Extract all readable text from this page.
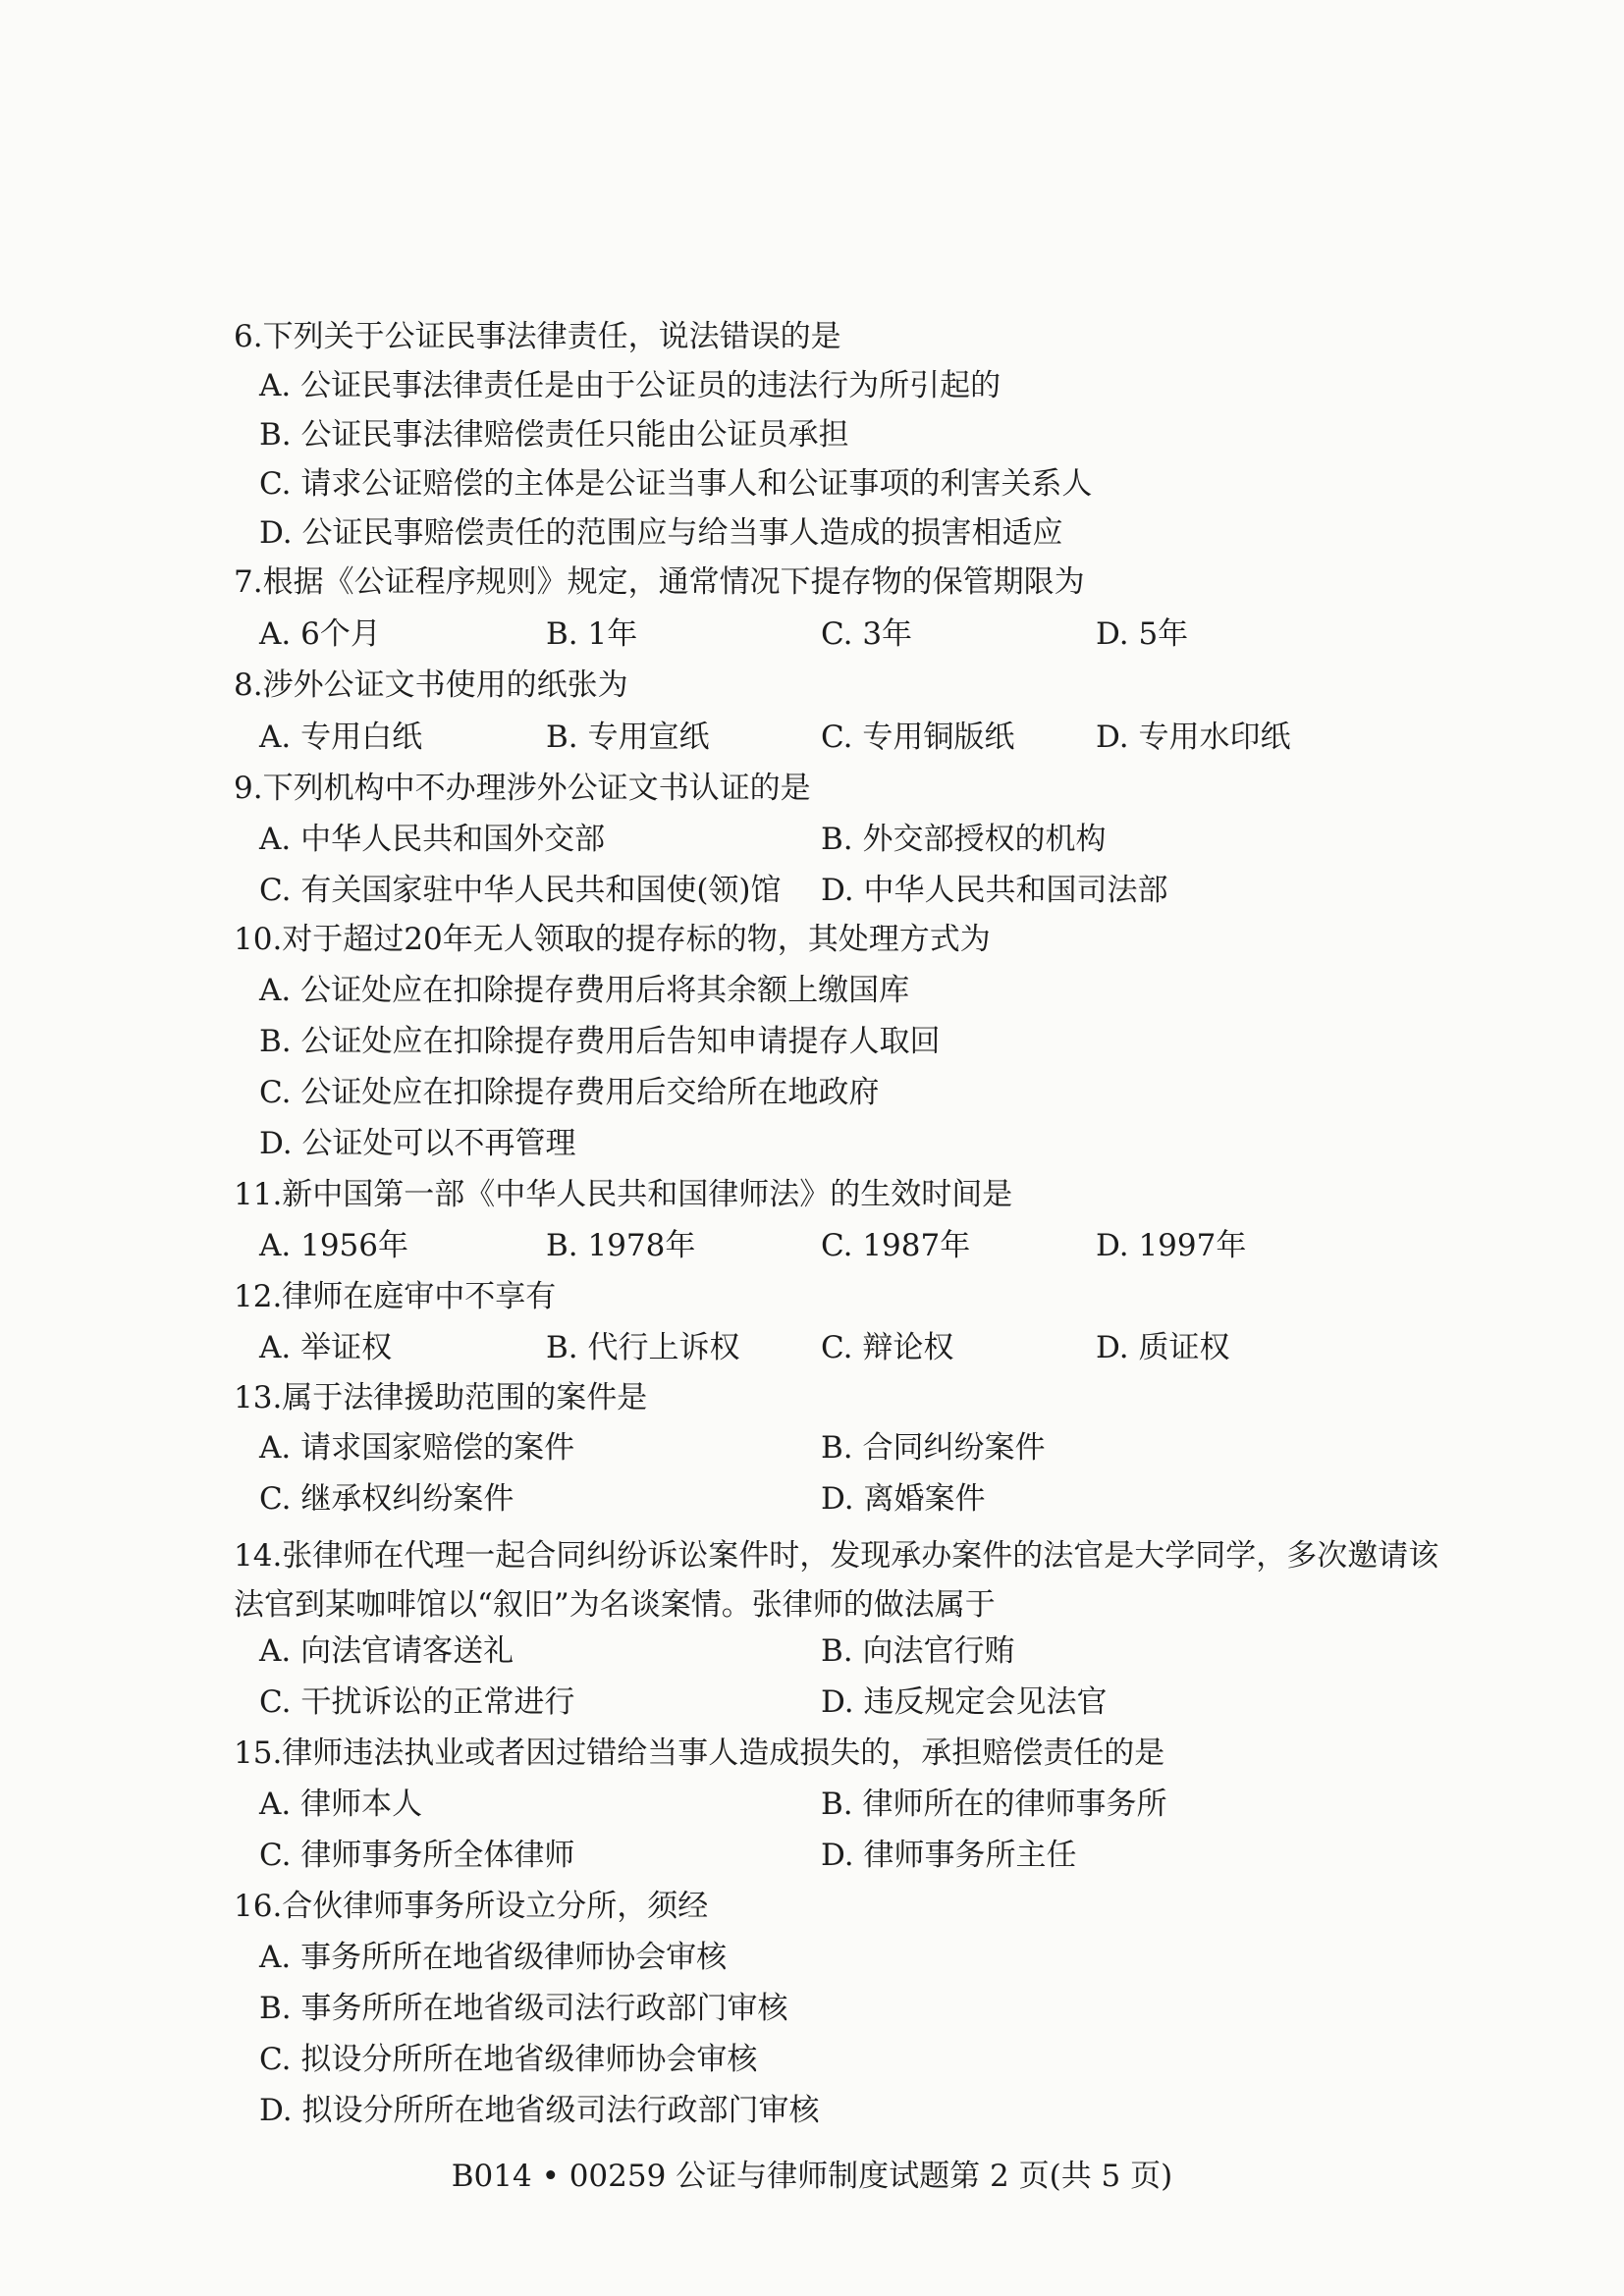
6.下列关于公证民事法律责任，说法错误的是
A. 公证民事法律责任是由于公证员的违法行为所引起的
B. 公证民事法律赔偿责任只能由公证员承担
C. 请求公证赔偿的主体是公证当事人和公证事项的利害关系人
D. 公证民事赔偿责任的范围应与给当事人造成的损害相适应
7.根据《公证程序规则》规定，通常情况下提存物的保管期限为
A. 6个月	B. 1年	C. 3年	D. 5年
8.涉外公证文书使用的纸张为
A. 专用白纸	B. 专用宣纸	C. 专用铜版纸	D. 专用水印纸
9.下列机构中不办理涉外公证文书认证的是
A. 中华人民共和国外交部	B. 外交部授权的机构
C. 有关国家驻中华人民共和国使(领)馆 D. 中华人民共和国司法部
10.对于超过20年无人领取的提存标的物，其处理方式为
A. 公证处应在扣除提存费用后将其余额上缴国库
B. 公证处应在扣除提存费用后告知申请提存人取回
C. 公证处应在扣除提存费用后交给所在地政府
D. 公证处可以不再管理
11.新中国第一部《中华人民共和国律师法》的生效时间是
A. 1956年	B. 1978年	C. 1987年	D. 1997年
12.律师在庭审中不享有
A. 举证权	B. 代行上诉权	C. 辩论权	D. 质证权
13.属于法律援助范围的案件是
A. 请求国家赔偿的案件	B. 合同纠纷案件
C. 继承权纠纷案件	D. 离婚案件
14.张律师在代理一起合同纠纷诉讼案件时，发现承办案件的法官是大学同学，多次邀请该法官到某咖啡馆以“叙旧”为名谈案情。张律师的做法属于
A. 向法官请客送礼	B. 向法官行贿
C. 干扰诉讼的正常进行	D. 违反规定会见法官
15.律师违法执业或者因过错给当事人造成损失的，承担赔偿责任的是
A. 律师本人	B. 律师所在的律师事务所
C. 律师事务所全体律师	D. 律师事务所主任
16.合伙律师事务所设立分所，须经
A. 事务所所在地省级律师协会审核
B. 事务所所在地省级司法行政部门审核
C. 拟设分所所在地省级律师协会审核
D. 拟设分所所在地省级司法行政部门审核
B014 • 00259 公证与律师制度试题第 2 页(共 5 页)
